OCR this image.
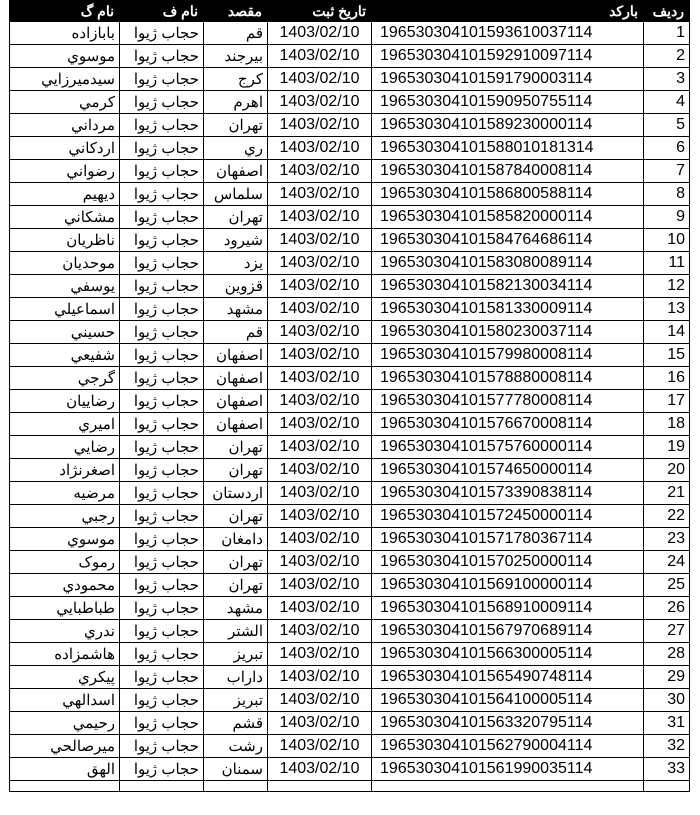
ردیف	بارکد	تاریخ ثبت	مقصد	نام ف	نام گ
1	196530304101593610037114	1403/02/10	قم	حجاب ژیوا	بابازاده
2	196530304101592910097114	1403/02/10	بیرجند	حجاب ژیوا	موسوي
3	196530304101591790003114	1403/02/10	كرج	حجاب ژیوا	سیدمیرزایي
4	196530304101590950755114	1403/02/10	اهرم	حجاب ژیوا	كرمي
5	196530304101589230000114	1403/02/10	تهران	حجاب ژیوا	مرداني
6	196530304101588010181314	1403/02/10	ري	حجاب ژیوا	اردكاني
7	196530304101587840008114	1403/02/10	اصفهان	حجاب ژیوا	رضواني
8	196530304101586800588114	1403/02/10	سلماس	حجاب ژیوا	دیهیم
9	196530304101585820000114	1403/02/10	تهران	حجاب ژیوا	مشكاني
10	196530304101584764686114	1403/02/10	شیرود	حجاب ژیوا	ناظریان
11	196530304101583080089114	1403/02/10	یزد	حجاب ژیوا	موحدیان
12	196530304101582130034114	1403/02/10	قزوین	حجاب ژیوا	یوسفي
13	196530304101581330009114	1403/02/10	مشهد	حجاب ژیوا	اسماعیلي
14	196530304101580230037114	1403/02/10	قم	حجاب ژیوا	حسیني
15	196530304101579980008114	1403/02/10	اصفهان	حجاب ژیوا	شفیعي
16	196530304101578880008114	1403/02/10	اصفهان	حجاب ژیوا	گرجي
17	196530304101577780008114	1403/02/10	اصفهان	حجاب ژیوا	رضاییان
18	196530304101576670008114	1403/02/10	اصفهان	حجاب ژیوا	امیري
19	196530304101575760000114	1403/02/10	تهران	حجاب ژیوا	رضایي
20	196530304101574650000114	1403/02/10	تهران	حجاب ژیوا	اصغرنژاد
21	196530304101573390838114	1403/02/10	اردستان	حجاب ژیوا	مرضیه
22	196530304101572450000114	1403/02/10	تهران	حجاب ژیوا	رجبي
23	196530304101571780367114	1403/02/10	دامغان	حجاب ژیوا	موسوي
24	196530304101570250000114	1403/02/10	تهران	حجاب ژیوا	رموک
25	196530304101569100000114	1403/02/10	تهران	حجاب ژیوا	محمودي
26	196530304101568910009114	1403/02/10	مشهد	حجاب ژیوا	طباطبایي
27	196530304101567970689114	1403/02/10	الشتر	حجاب ژیوا	ندري
28	196530304101566300005114	1403/02/10	تبریز	حجاب ژیوا	هاشمزاده
29	196530304101565490748114	1403/02/10	داراب	حجاب ژیوا	پیكري
30	196530304101564100005114	1403/02/10	تبریز	حجاب ژیوا	اسدالهي
31	196530304101563320795114	1403/02/10	قشم	حجاب ژیوا	رحیمي
32	196530304101562790004114	1403/02/10	رشت	حجاب ژیوا	میرصالحي
33	196530304101561990035114	1403/02/10	سمنان	حجاب ژیوا	الهق
